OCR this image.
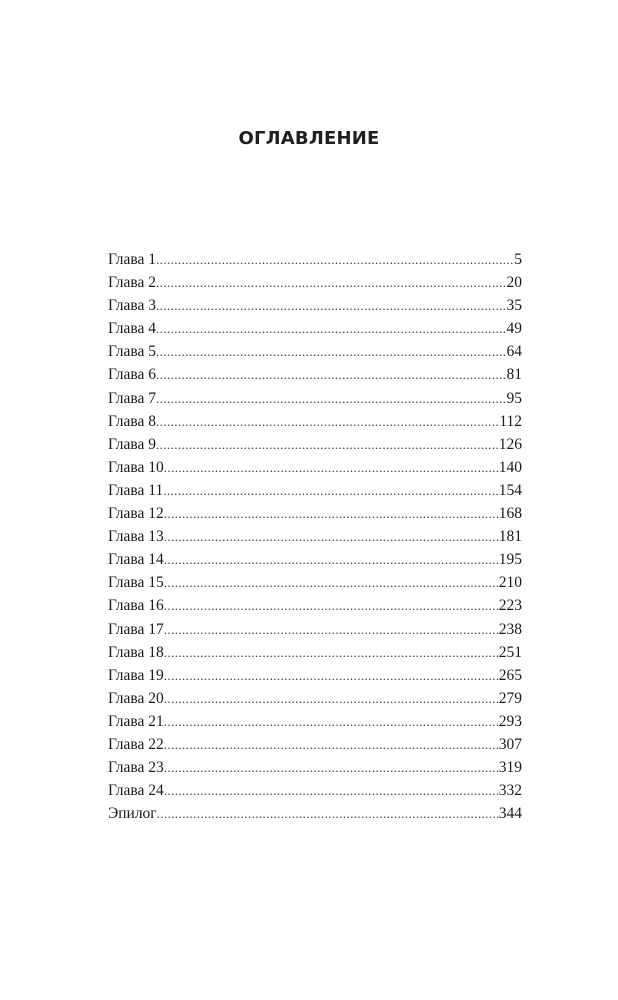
ОГЛАВЛЕНИЕ
Глава 1 .....	5
Глава 2 .....	20
Глава 3 .....	35
Глава 4 .....	49
Глава 5 .....	64
Глава 6 .....	81
Глава 7 .....	95
Глава 8 .....	112
Глава 9 .....	126
Глава 10 .....	140
Глава 11 .....	154
Глава 12 .....	168
Глава 13 .....	181
Глава 14 .....	195
Глава 15 .....	210
Глава 16 .....	223
Глава 17 .....	238
Глава 18 .....	251
Глава 19 .....	265
Глава 20 .....	279
Глава 21 .....	293
Глава 22 .....	307
Глава 23 .....	319
Глава 24 .....	332
Эпилог .....	344
